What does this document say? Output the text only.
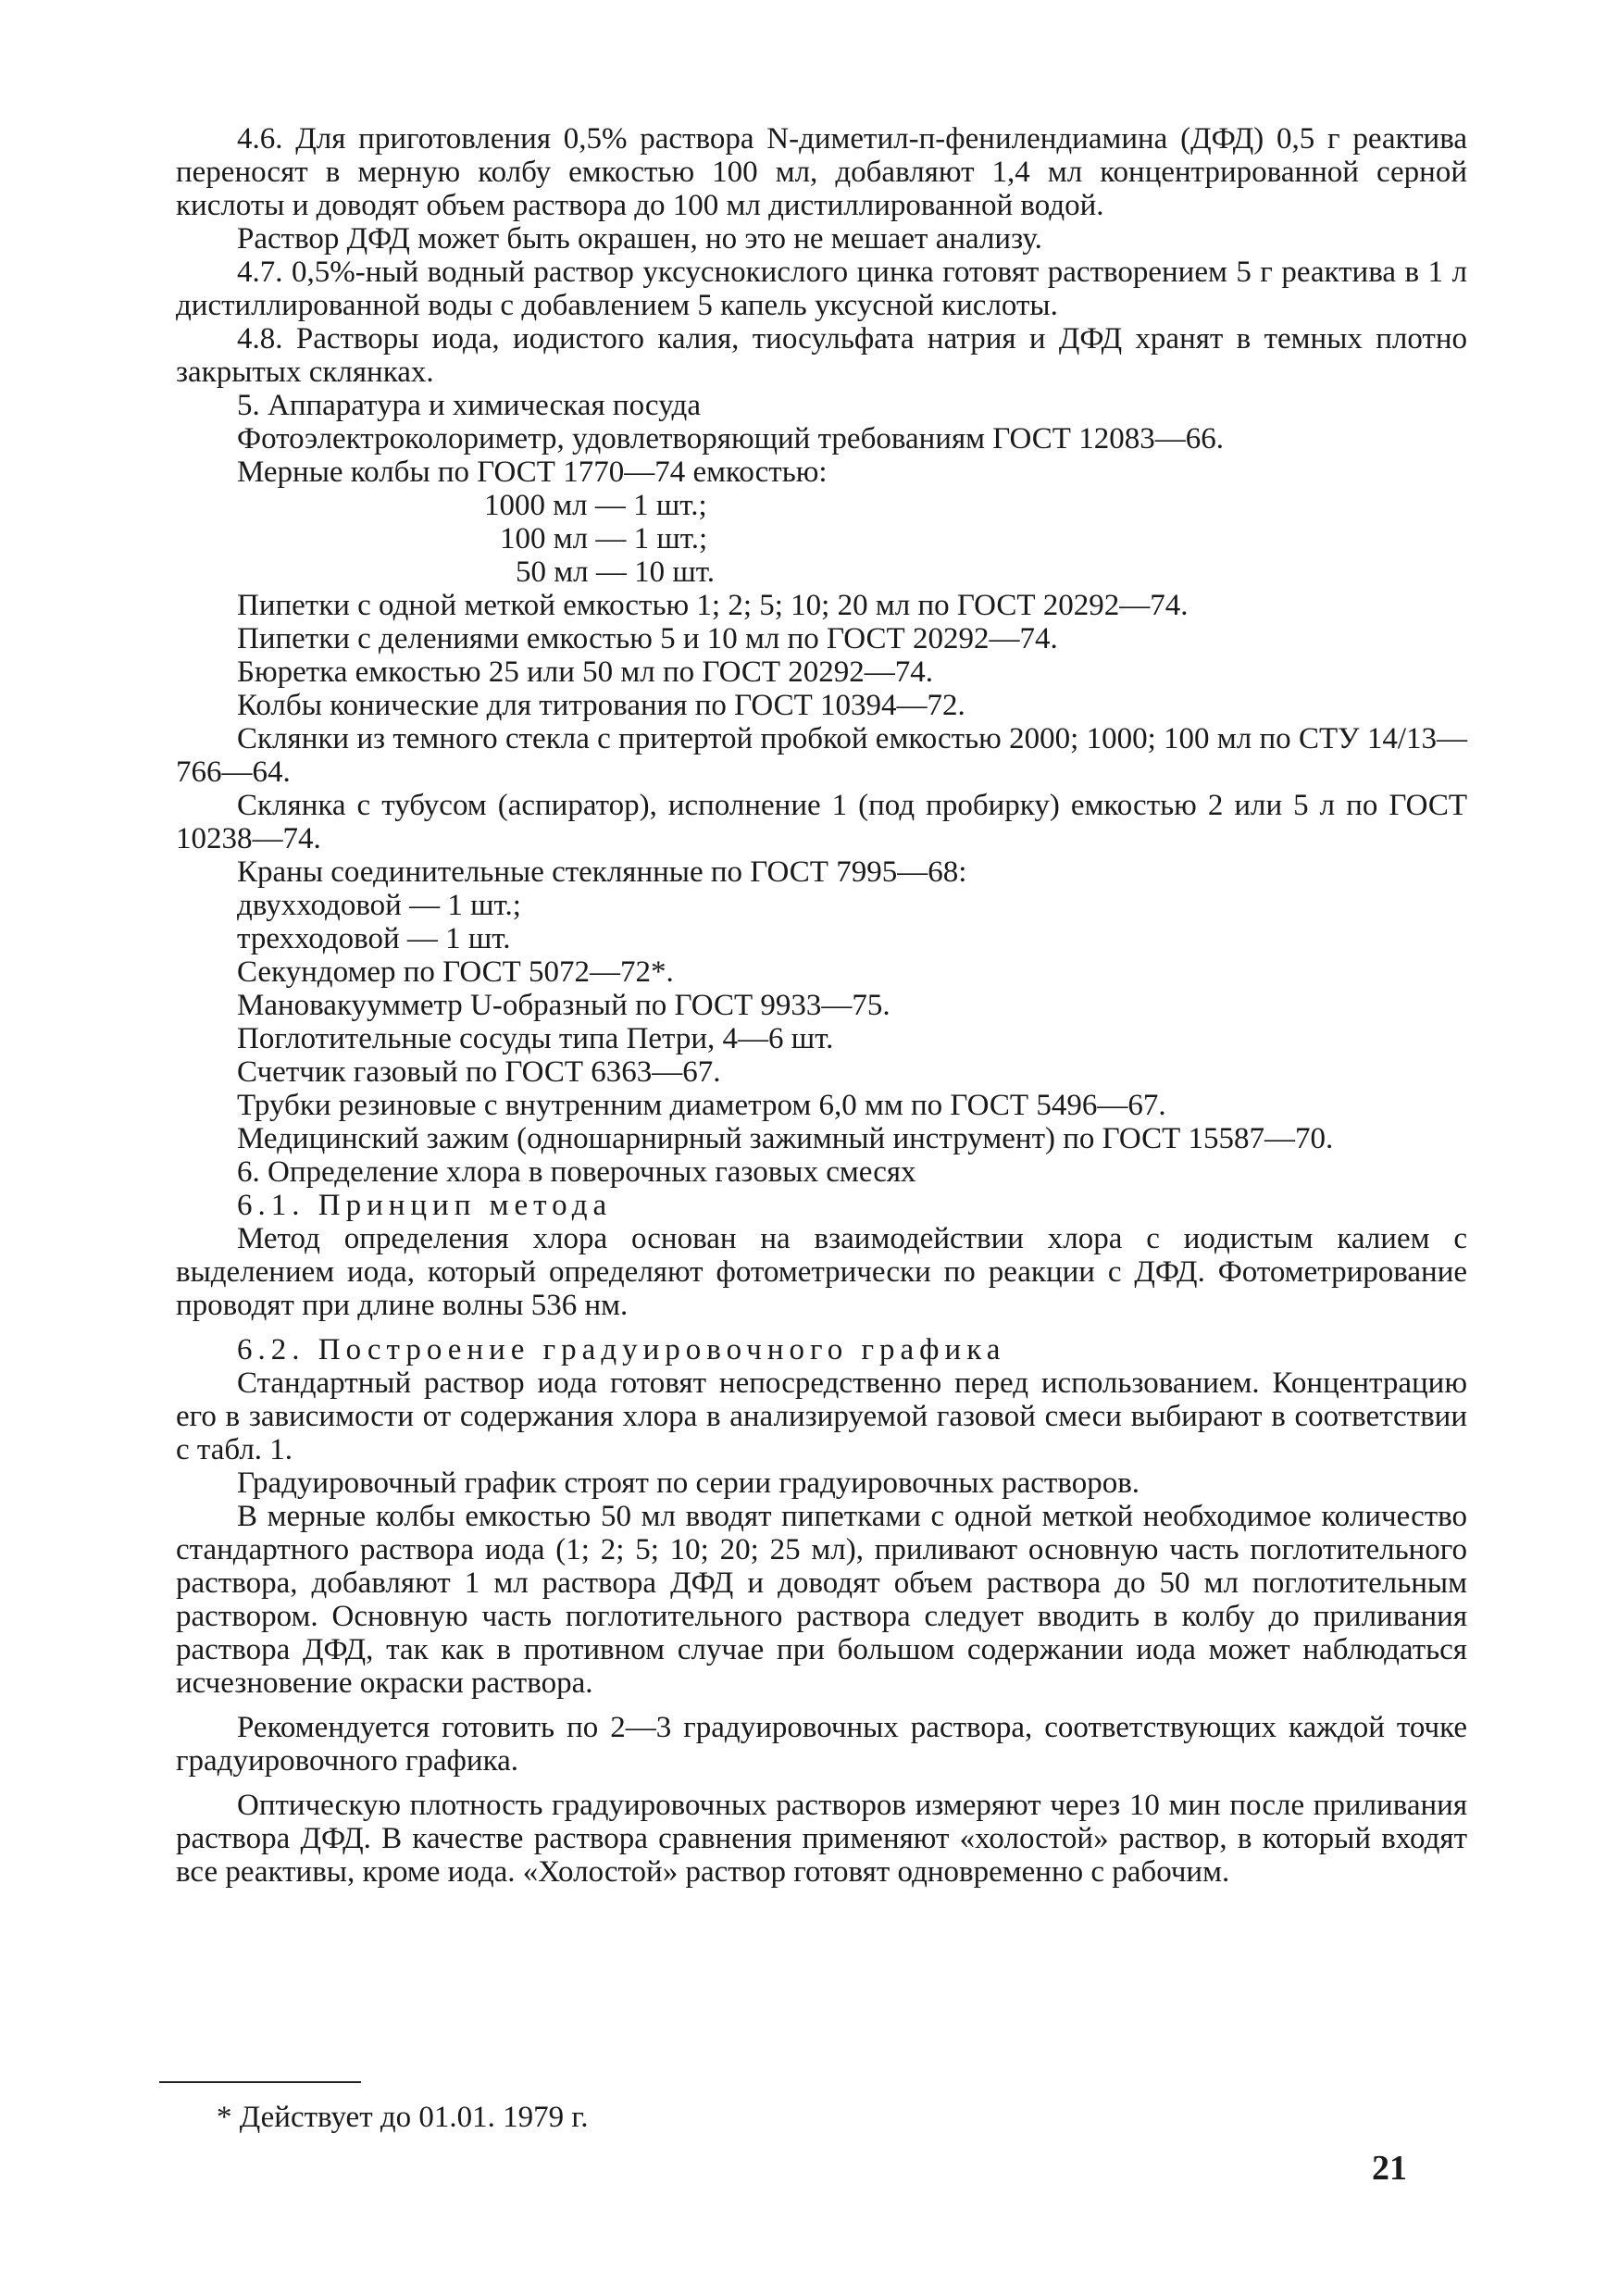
4.6. Для приготовления 0,5% раствора N-диметил-п-фенилендиамина (ДФД) 0,5 г реактива переносят в мерную колбу емкостью 100 мл, добавляют 1,4 мл концентрированной серной кислоты и доводят объем раствора до 100 мл дистиллированной водой.

Раствор ДФД может быть окрашен, но это не мешает анализу.

4.7. 0,5%-ный водный раствор уксуснокислого цинка готовят растворением 5 г реактива в 1 л дистиллированной воды с добавлением 5 капель уксусной кислоты.

4.8. Растворы иода, иодистого калия, тиосульфата натрия и ДФД хранят в темных плотно закрытых склянках.

5. Аппаратура и химическая посуда

Фотоэлектроколориметр, удовлетворяющий требованиям ГОСТ 12083—66.

Мерные колбы по ГОСТ 1770—74 емкостью:

1000 мл — 1 шт.;

100 мл — 1 шт.;

50 мл — 10 шт.

Пипетки с одной меткой емкостью 1; 2; 5; 10; 20 мл по ГОСТ 20292—74.

Пипетки с делениями емкостью 5 и 10 мл по ГОСТ 20292—74.

Бюретка емкостью 25 или 50 мл по ГОСТ 20292—74.

Колбы конические для титрования по ГОСТ 10394—72.

Склянки из темного стекла с притертой пробкой емкостью 2000; 1000; 100 мл по СТУ 14/13—766—64.

Склянка с тубусом (аспиратор), исполнение 1 (под пробирку) емкостью 2 или 5 л по ГОСТ 10238—74.

Краны соединительные стеклянные по ГОСТ 7995—68:

двухходовой — 1 шт.;

трехходовой — 1 шт.

Секундомер по ГОСТ 5072—72*.

Мановакуумметр U-образный по ГОСТ 9933—75.

Поглотительные сосуды типа Петри, 4—6 шт.

Счетчик газовый по ГОСТ 6363—67.

Трубки резиновые с внутренним диаметром 6,0 мм по ГОСТ 5496—67.

Медицинский зажим (одношарнирный зажимный инструмент) по ГОСТ 15587—70.

6. Определение хлора в поверочных газовых смесях

6.1. Принцип метода

Метод определения хлора основан на взаимодействии хлора с иодистым калием с выделением иода, который определяют фотометрически по реакции с ДФД. Фотометрирование проводят при длине волны 536 нм.

6.2. Построение градуировочного графика

Стандартный раствор иода готовят непосредственно перед использованием. Концентрацию его в зависимости от содержания хлора в анализируемой газовой смеси выбирают в соответствии с табл. 1.

Градуировочный график строят по серии градуировочных растворов.

В мерные колбы емкостью 50 мл вводят пипетками с одной меткой необходимое количество стандартного раствора иода (1; 2; 5; 10; 20; 25 мл), приливают основную часть поглотительного раствора, добавляют 1 мл раствора ДФД и доводят объем раствора до 50 мл поглотительным раствором. Основную часть поглотительного раствора следует вводить в колбу до приливания раствора ДФД, так как в противном случае при большом содержании иода может наблюдаться исчезновение окраски раствора.

Рекомендуется готовить по 2—3 градуировочных раствора, соответствующих каждой точке градуировочного графика.

Оптическую плотность градуировочных растворов измеряют через 10 мин после приливания раствора ДФД. В качестве раствора сравнения применяют «холостой» раствор, в который входят все реактивы, кроме иода. «Холостой» раствор готовят одновременно с рабочим.

* Действует до 01.01. 1979 г.
21
